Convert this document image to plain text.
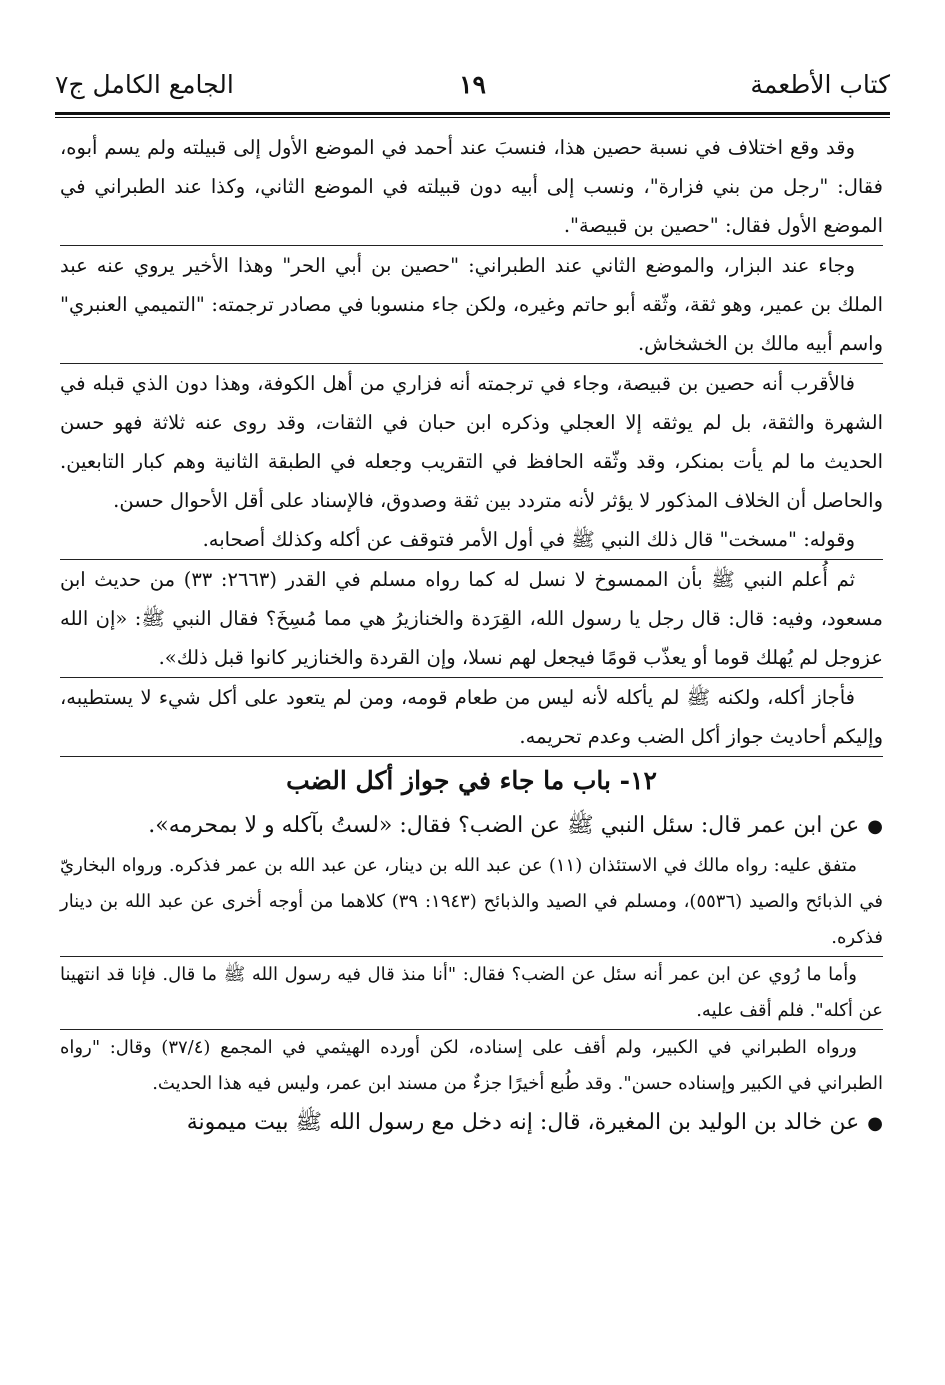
كتاب الأطعمة
١٩
الجامع الكامل ج٧

وقد وقع اختلاف في نسبة حصين هذا، فنسبَ عند أحمد في الموضع الأول إلى قبيلته ولم يسم أبوه، فقال: "رجل من بني فزارة"، ونسب إلى أبيه دون قبيلته في الموضع الثاني، وكذا عند الطبراني في الموضع الأول فقال: "حصين بن قبيصة".

وجاء عند البزار، والموضع الثاني عند الطبراني: "حصين بن أبي الحر" وهذا الأخير يروي عنه عبد الملك بن عمير، وهو ثقة، وثّقه أبو حاتم وغيره، ولكن جاء منسوبا في مصادر ترجمته: "التميمي العنبري" واسم أبيه مالك بن الخشخاش.

فالأقرب أنه حصين بن قبيصة، وجاء في ترجمته أنه فزاري من أهل الكوفة، وهذا دون الذي قبله في الشهرة والثقة، بل لم يوثقه إلا العجلي وذكره ابن حبان في الثقات، وقد روى عنه ثلاثة فهو حسن الحديث ما لم يأت بمنكر، وقد وثّقه الحافظ في التقريب وجعله في الطبقة الثانية وهم كبار التابعين. والحاصل أن الخلاف المذكور لا يؤثر لأنه متردد بين ثقة وصدوق، فالإسناد على أقل الأحوال حسن.

وقوله: "مسخت" قال ذلك النبي ﷺ في أول الأمر فتوقف عن أكله وكذلك أصحابه.

ثم أُعلم النبي ﷺ بأن الممسوخ لا نسل له كما رواه مسلم في القدر (٢٦٦٣: ٣٣) من حديث ابن مسعود، وفيه: قال: قال رجل يا رسول الله، القِرَدة والخنازيرُ هي مما مُسِخَ؟ فقال النبي ﷺ: «إن الله عزوجل لم يُهلك قوما أو يعذّب قومًا فيجعل لهم نسلا، وإن القردة والخنازير كانوا قبل ذلك».

فأجاز أكله، ولكنه ﷺ لم يأكله لأنه ليس من طعام قومه، ومن لم يتعود على أكل شيء لا يستطيبه، وإليكم أحاديث جواز أكل الضب وعدم تحريمه.

١٢- باب ما جاء في جواز أكل الضب

●عن ابن عمر قال: سئل النبي ﷺ عن الضب؟ فقال: «لستُ بآكله و لا بمحرمه».

متفق عليه: رواه مالك في الاستئذان (١١) عن عبد الله بن دينار، عن عبد الله بن عمر فذكره. ورواه البخاريّ في الذبائح والصيد (٥٥٣٦)، ومسلم في الصيد والذبائح (١٩٤٣: ٣٩) كلاهما من أوجه أخرى عن عبد الله بن دينار فذكره.

وأما ما رُوي عن ابن عمر أنه سئل عن الضب؟ فقال: "أنا منذ قال فيه رسول الله ﷺ ما قال. فإنا قد انتهينا عن أكله". فلم أقف عليه.

ورواه الطبراني في الكبير، ولم أقف على إسناده، لكن أورده الهيثمي في المجمع (٣٧/٤) وقال: "رواه الطبراني في الكبير وإسناده حسن". وقد طُبع أخيرًا جزءٌ من مسند ابن عمر، وليس فيه هذا الحديث.

●عن خالد بن الوليد بن المغيرة، قال: إنه دخل مع رسول الله ﷺ بيت ميمونة
